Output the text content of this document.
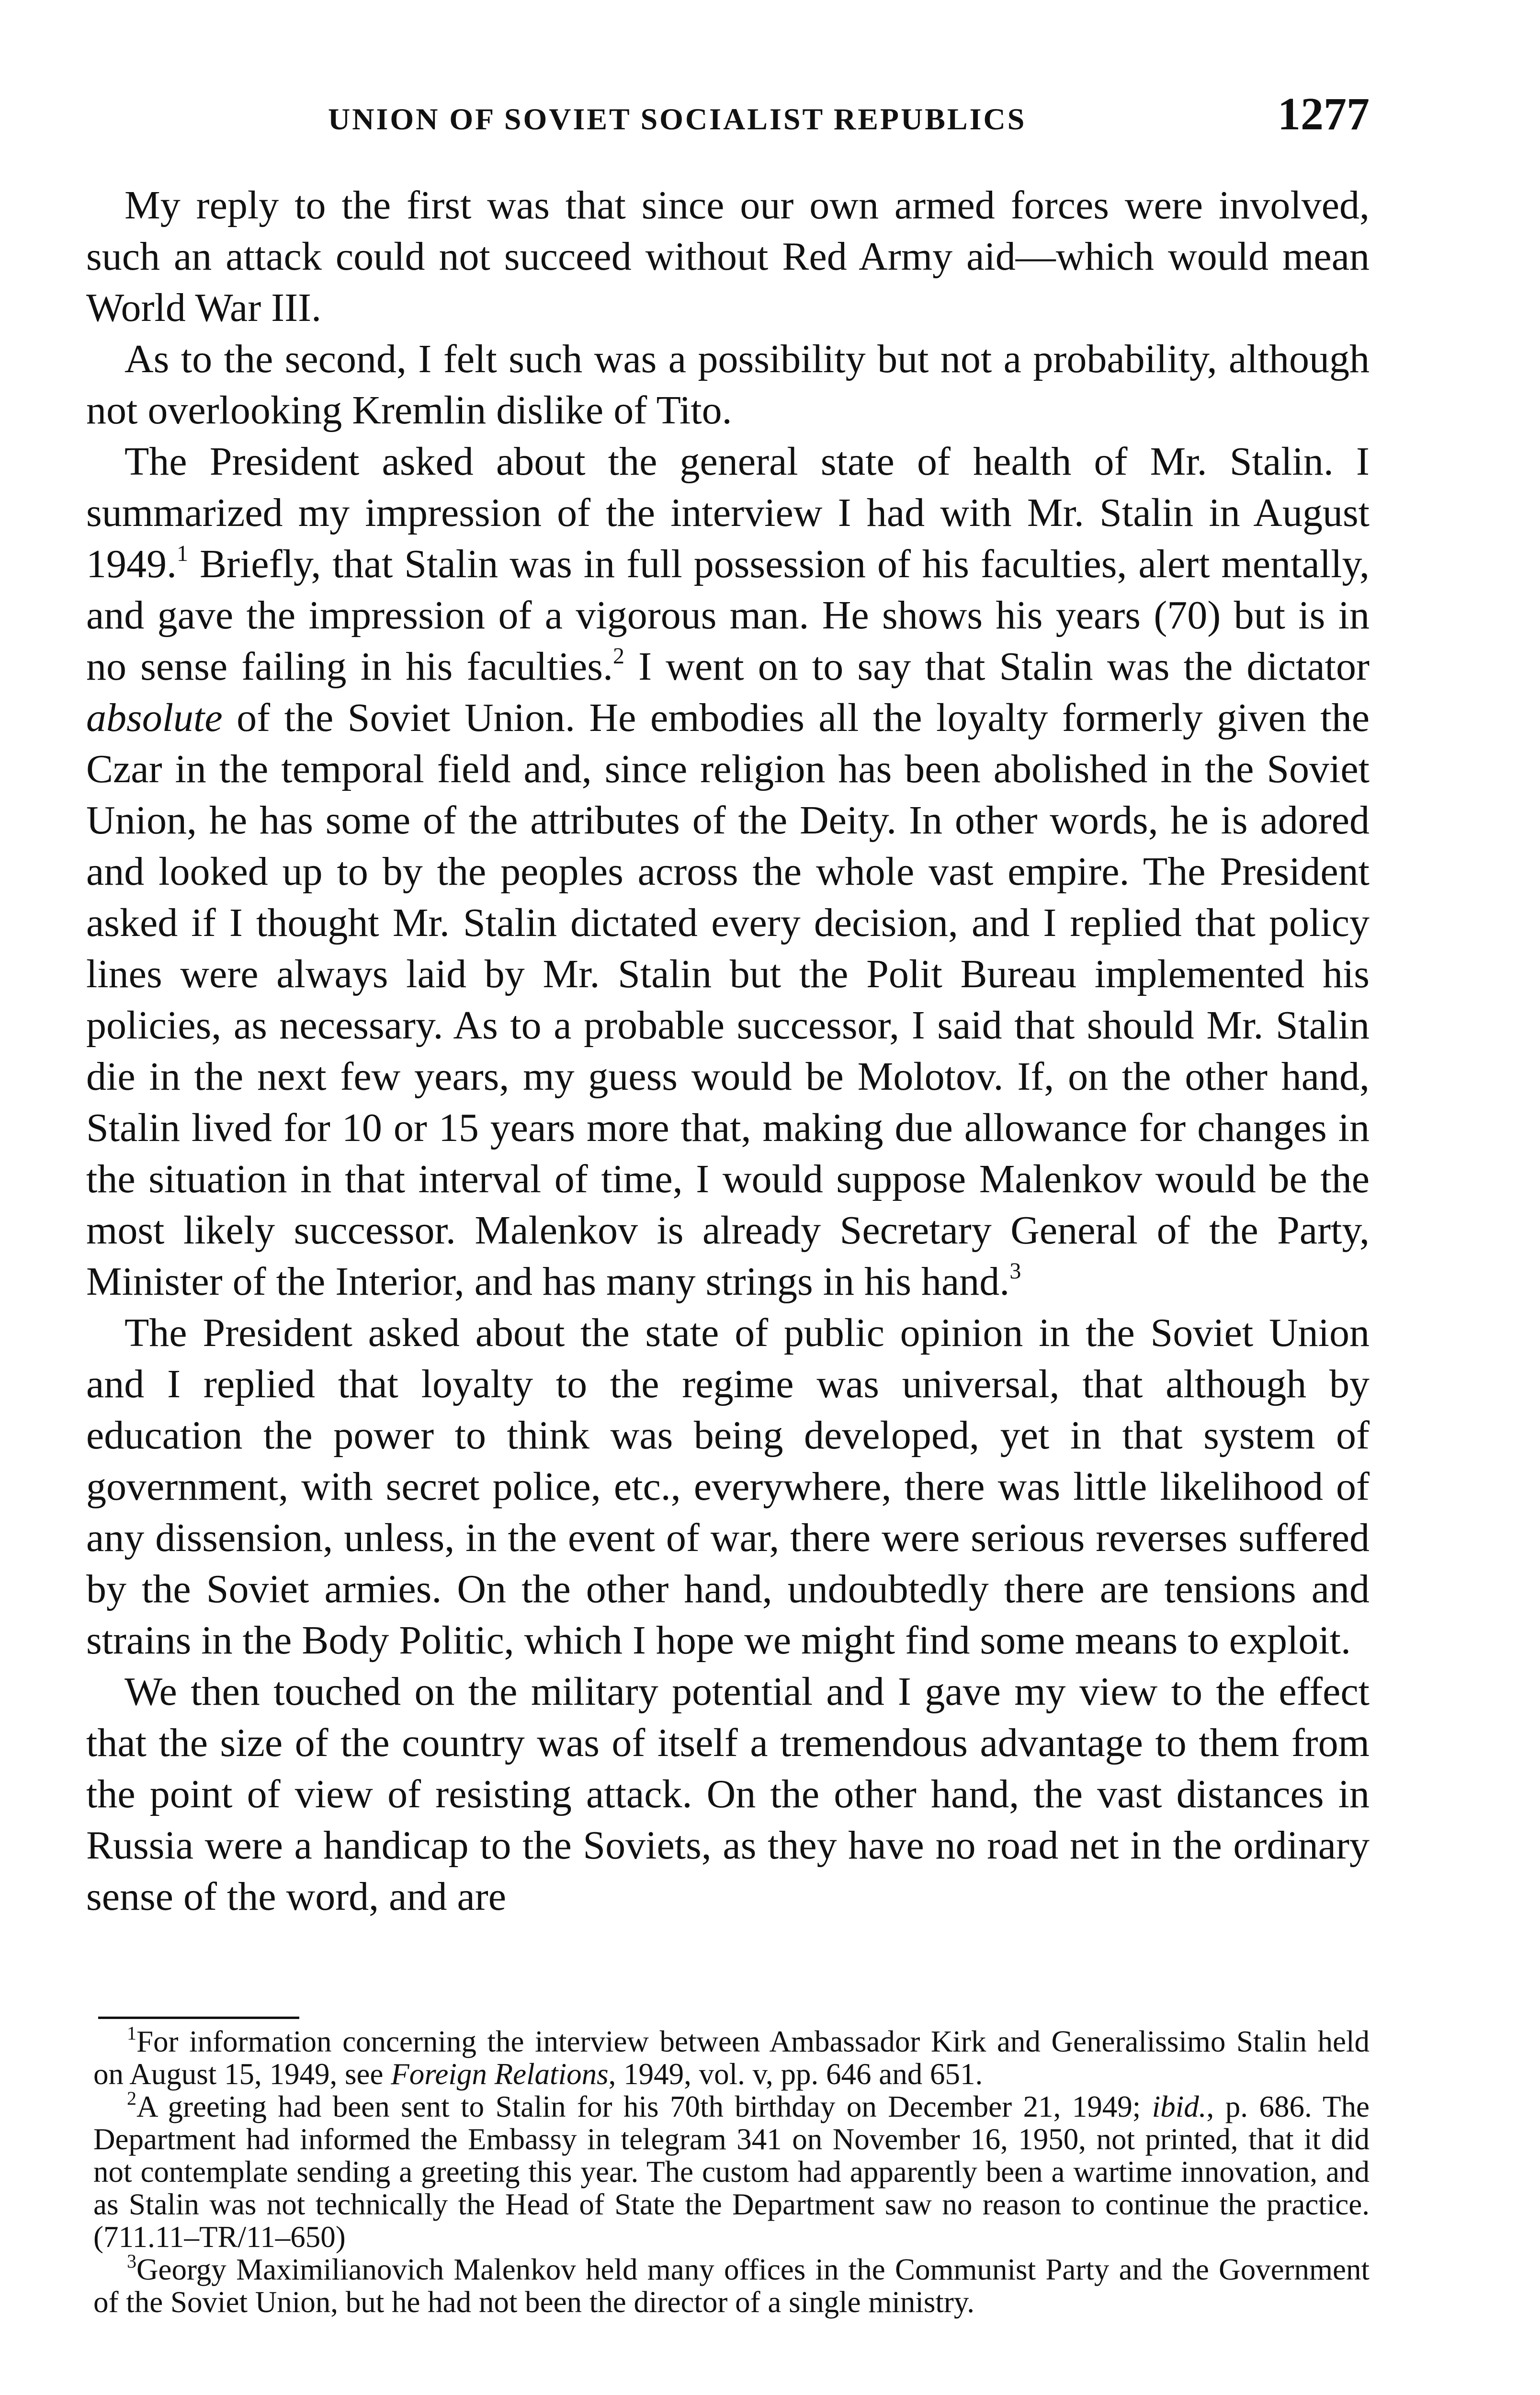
UNION OF SOVIET SOCIALIST REPUBLICS	1277

My reply to the first was that since our own armed forces were involved, such an attack could not succeed without Red Army aid—which would mean World War III.

As to the second, I felt such was a possibility but not a probability, although not overlooking Kremlin dislike of Tito.

The President asked about the general state of health of Mr. Stalin. I summarized my impression of the interview I had with Mr. Stalin in August 1949.$^1$ Briefly, that Stalin was in full possession of his faculties, alert mentally, and gave the impression of a vigorous man. He shows his years (70) but is in no sense failing in his faculties.$^2$ I went on to say that Stalin was the dictator absolute of the Soviet Union. He embodies all the loyalty formerly given the Czar in the temporal field and, since religion has been abolished in the Soviet Union, he has some of the attributes of the Deity. In other words, he is adored and looked up to by the peoples across the whole vast empire. The President asked if I thought Mr. Stalin dictated every decision, and I replied that policy lines were always laid by Mr. Stalin but the Polit Bureau implemented his policies, as necessary. As to a probable successor, I said that should Mr. Stalin die in the next few years, my guess would be Molotov. If, on the other hand, Stalin lived for 10 or 15 years more that, making due allowance for changes in the situation in that interval of time, I would suppose Malenkov would be the most likely successor. Malenkov is already Secretary General of the Party, Minister of the Interior, and has many strings in his hand.$^3$

The President asked about the state of public opinion in the Soviet Union and I replied that loyalty to the regime was universal, that although by education the power to think was being developed, yet in that system of government, with secret police, etc., everywhere, there was little likelihood of any dissension, unless, in the event of war, there were serious reverses suffered by the Soviet armies. On the other hand, undoubtedly there are tensions and strains in the Body Politic, which I hope we might find some means to exploit.

We then touched on the military potential and I gave my view to the effect that the size of the country was of itself a tremendous advantage to them from the point of view of resisting attack. On the other hand, the vast distances in Russia were a handicap to the Soviets, as they have no road net in the ordinary sense of the word, and are

$^1$For information concerning the interview between Ambassador Kirk and Generalissimo Stalin held on August 15, 1949, see Foreign Relations, 1949, vol. v, pp. 646 and 651.

$^2$A greeting had been sent to Stalin for his 70th birthday on December 21, 1949; ibid., p. 686. The Department had informed the Embassy in telegram 341 on November 16, 1950, not printed, that it did not contemplate sending a greeting this year. The custom had apparently been a wartime innovation, and as Stalin was not technically the Head of State the Department saw no reason to continue the practice. (711.11–TR/11–650)

$^3$Georgy Maximilianovich Malenkov held many offices in the Communist Party and the Government of the Soviet Union, but he had not been the director of a single ministry.
